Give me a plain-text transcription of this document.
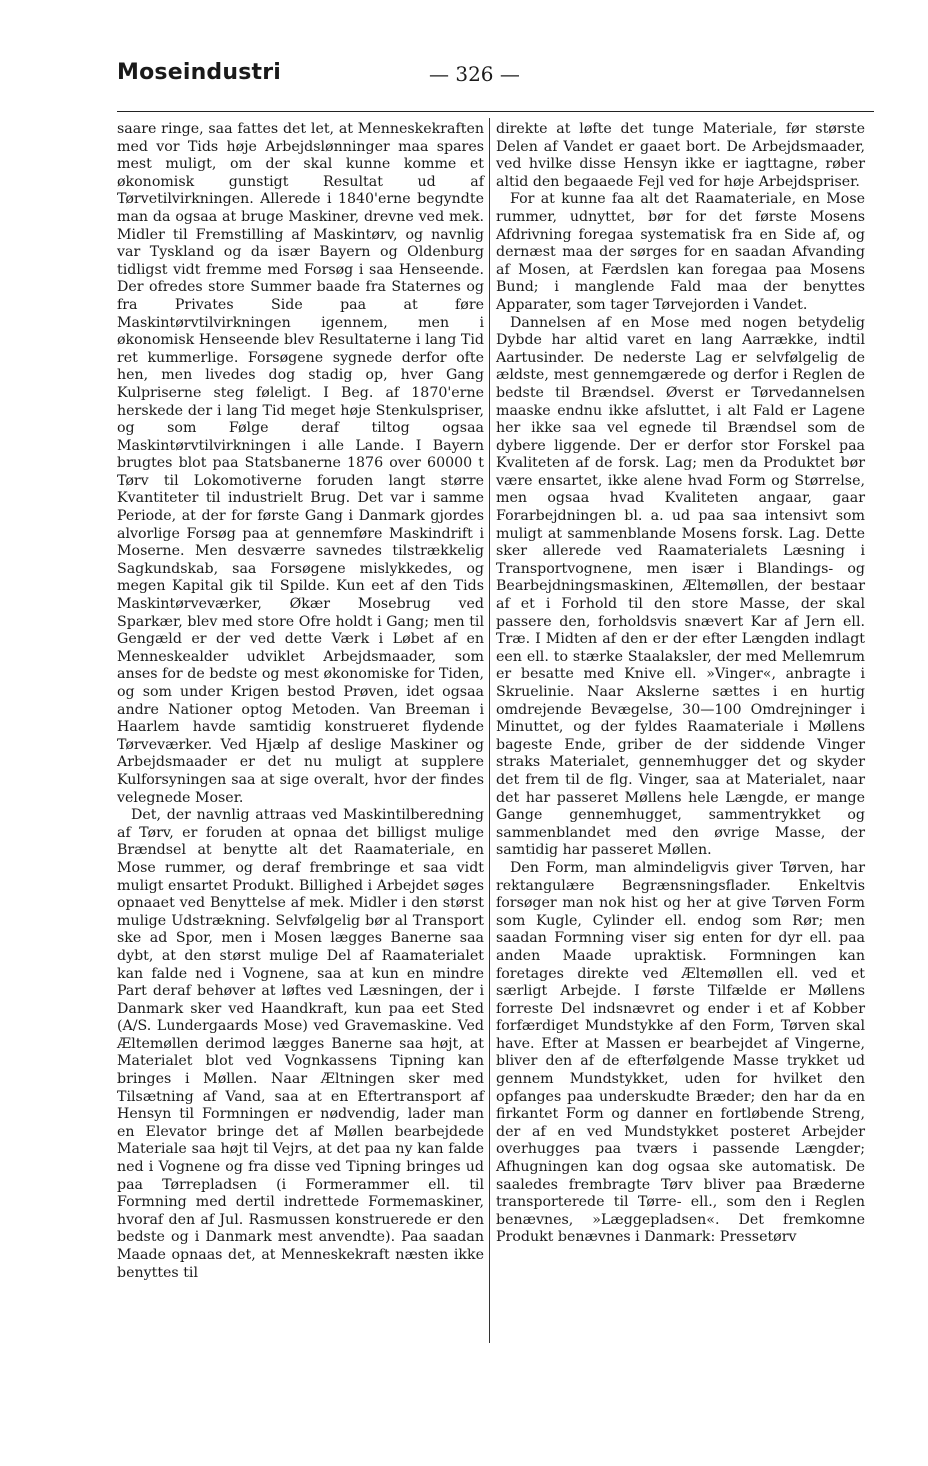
Moseindustri	— 326 —

saare ringe, saa fattes det let, at Menneskekraften med vor Tids høje Arbejdslønninger maa spares mest muligt, om der skal kunne komme et økonomisk gunstigt Resultat ud af Tørvetilvirkningen. Allerede i 1840'erne begyndte man da ogsaa at bruge Maskiner, drevne ved mek. Midler til Fremstilling af Maskintørv, og navnlig var Tyskland og da især Bayern og Oldenburg tidligst vidt fremme med Forsøg i saa Henseende. Der ofredes store Summer baade fra Staternes og fra Privates Side paa at føre Maskintørvtilvirkningen igennem, men i økonomisk Henseende blev Resultaterne i lang Tid ret kummerlige. Forsøgene sygnede derfor ofte hen, men livedes dog stadig op, hver Gang Kulpriserne steg føleligt. I Beg. af 1870'erne herskede der i lang Tid meget høje Stenkulspriser, og som Følge deraf tiltog ogsaa Maskintørvtilvirkningen i alle Lande. I Bayern brugtes blot paa Statsbanerne 1876 over 60000 t Tørv til Lokomotiverne foruden langt større Kvantiteter til industrielt Brug. Det var i samme Periode, at der for første Gang i Danmark gjordes alvorlige Forsøg paa at gennemføre Maskindrift i Moserne. Men desværre savnedes tilstrækkelig Sagkundskab, saa Forsøgene mislykkedes, og megen Kapital gik til Spilde. Kun eet af den Tids Maskintørveværker, Økær Mosebrug ved Sparkær, blev med store Ofre holdt i Gang; men til Gengæld er der ved dette Værk i Løbet af en Menneskealder udviklet Arbejdsmaader, som anses for de bedste og mest økonomiske for Tiden, og som under Krigen bestod Prøven, idet ogsaa andre Nationer optog Metoden. Van Breeman i Haarlem havde samtidig konstrueret flydende Tørveværker. Ved Hjælp af deslige Maskiner og Arbejdsmaader er det nu muligt at supplere Kulforsyningen saa at sige overalt, hvor der findes velegnede Moser.

Det, der navnlig attraas ved Maskintilberedning af Tørv, er foruden at opnaa det billigst mulige Brændsel at benytte alt det Raamateriale, en Mose rummer, og deraf frembringe et saa vidt muligt ensartet Produkt. Billighed i Arbejdet søges opnaaet ved Benyttelse af mek. Midler i den størst mulige Udstrækning. Selvfølgelig bør al Transport ske ad Spor, men i Mosen lægges Banerne saa dybt, at den størst mulige Del af Raamaterialet kan falde ned i Vognene, saa at kun en mindre Part deraf behøver at løftes ved Læsningen, der i Danmark sker ved Haandkraft, kun paa eet Sted (A/S. Lundergaards Mose) ved Gravemaskine. Ved Æltemøllen derimod lægges Banerne saa højt, at Materialet blot ved Vognkassens Tipning kan bringes i Møllen. Naar Æltningen sker med Tilsætning af Vand, saa at en Eftertransport af Hensyn til Formningen er nødvendig, lader man en Elevator bringe det af Møllen bearbejdede Materiale saa højt til Vejrs, at det paa ny kan falde ned i Vognene og fra disse ved Tipning bringes ud paa Tørrepladsen (i Formerammer ell. til Formning med dertil indrettede Formemaskiner, hvoraf den af Jul. Rasmussen konstruerede er den bedste og i Danmark mest anvendte). Paa saadan Maade opnaas det, at Menneskekraft næsten ikke benyttes til

direkte at løfte det tunge Materiale, før største Delen af Vandet er gaaet bort. De Arbejdsmaader, ved hvilke disse Hensyn ikke er iagttagne, røber altid den begaaede Fejl ved for høje Arbejdspriser.

For at kunne faa alt det Raamateriale, en Mose rummer, udnyttet, bør for det første Mosens Afdrivning foregaa systematisk fra en Side af, og dernæst maa der sørges for en saadan Afvanding af Mosen, at Færdslen kan foregaa paa Mosens Bund; i manglende Fald maa der benyttes Apparater, som tager Tørvejorden i Vandet.

Dannelsen af en Mose med nogen betydelig Dybde har altid varet en lang Aarrække, indtil Aartusinder. De nederste Lag er selvfølgelig de ældste, mest gennemgærede og derfor i Reglen de bedste til Brændsel. Øverst er Tørvedannelsen maaske endnu ikke afsluttet, i alt Fald er Lagene her ikke saa vel egnede til Brændsel som de dybere liggende. Der er derfor stor Forskel paa Kvaliteten af de forsk. Lag; men da Produktet bør være ensartet, ikke alene hvad Form og Størrelse, men ogsaa hvad Kvaliteten angaar, gaar Forarbejdningen bl. a. ud paa saa intensivt som muligt at sammenblande Mosens forsk. Lag. Dette sker allerede ved Raamaterialets Læsning i Transportvognene, men især i Blandings- og Bearbejdningsmaskinen, Æltemøllen, der bestaar af et i Forhold til den store Masse, der skal passere den, forholdsvis snævert Kar af Jern ell. Træ. I Midten af den er der efter Længden indlagt een ell. to stærke Staalaksler, der med Mellemrum er besatte med Knive ell. »Vinger«, anbragte i Skruelinie. Naar Akslerne sættes i en hurtig omdrejende Bevægelse, 30—100 Omdrejninger i Minuttet, og der fyldes Raamateriale i Møllens bageste Ende, griber de der siddende Vinger straks Materialet, gennemhugger det og skyder det frem til de flg. Vinger, saa at Materialet, naar det har passeret Møllens hele Længde, er mange Gange gennemhugget, sammentrykket og sammenblandet med den øvrige Masse, der samtidig har passeret Møllen.

Den Form, man almindeligvis giver Tørven, har rektangulære Begrænsningsflader. Enkeltvis forsøger man nok hist og her at give Tørven Form som Kugle, Cylinder ell. endog som Rør; men saadan Formning viser sig enten for dyr ell. paa anden Maade upraktisk. Formningen kan foretages direkte ved Æltemøllen ell. ved et særligt Arbejde. I første Tilfælde er Møllens forreste Del indsnævret og ender i et af Kobber forfærdiget Mundstykke af den Form, Tørven skal have. Efter at Massen er bearbejdet af Vingerne, bliver den af de efterfølgende Masse trykket ud gennem Mundstykket, uden for hvilket den opfanges paa underskudte Bræder; den har da en firkantet Form og danner en fortløbende Streng, der af en ved Mundstykket posteret Arbejder overhugges paa tværs i passende Længder; Afhugningen kan dog ogsaa ske automatisk. De saaledes frembragte Tørv bliver paa Bræderne transporterede til Tørre- ell., som den i Reglen benævnes, »Læggepladsen«. Det fremkomne Produkt benævnes i Danmark: Pressetørv
